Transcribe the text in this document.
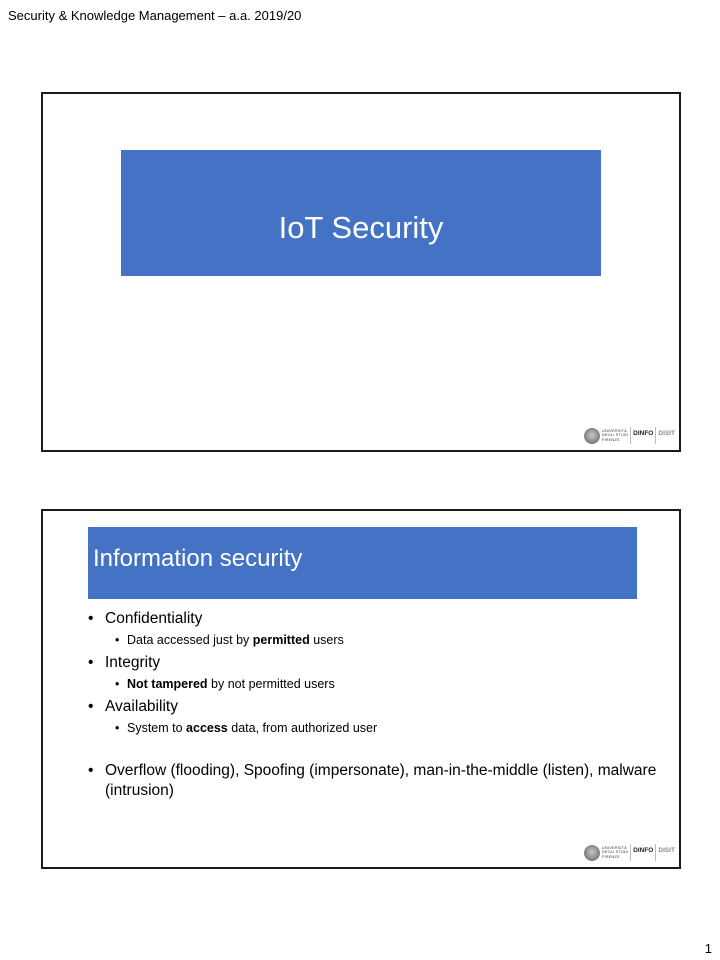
Security & Knowledge Management – a.a. 2019/20
IoT Security
UNIVERSITÀ
DEGLI STUDI
FIRENZE
DINFO
DISIT

Information security
• Confidentiality
• Data accessed just by permitted users
• Integrity
• Not tampered by not permitted users
• Availability
• System to access data, from authorized user
• Overflow (flooding), Spoofing (impersonate), man-in-the-middle (listen), malware (intrusion)
UNIVERSITÀ
DEGLI STUDI
FIRENZE
DINFO
DISIT

1
